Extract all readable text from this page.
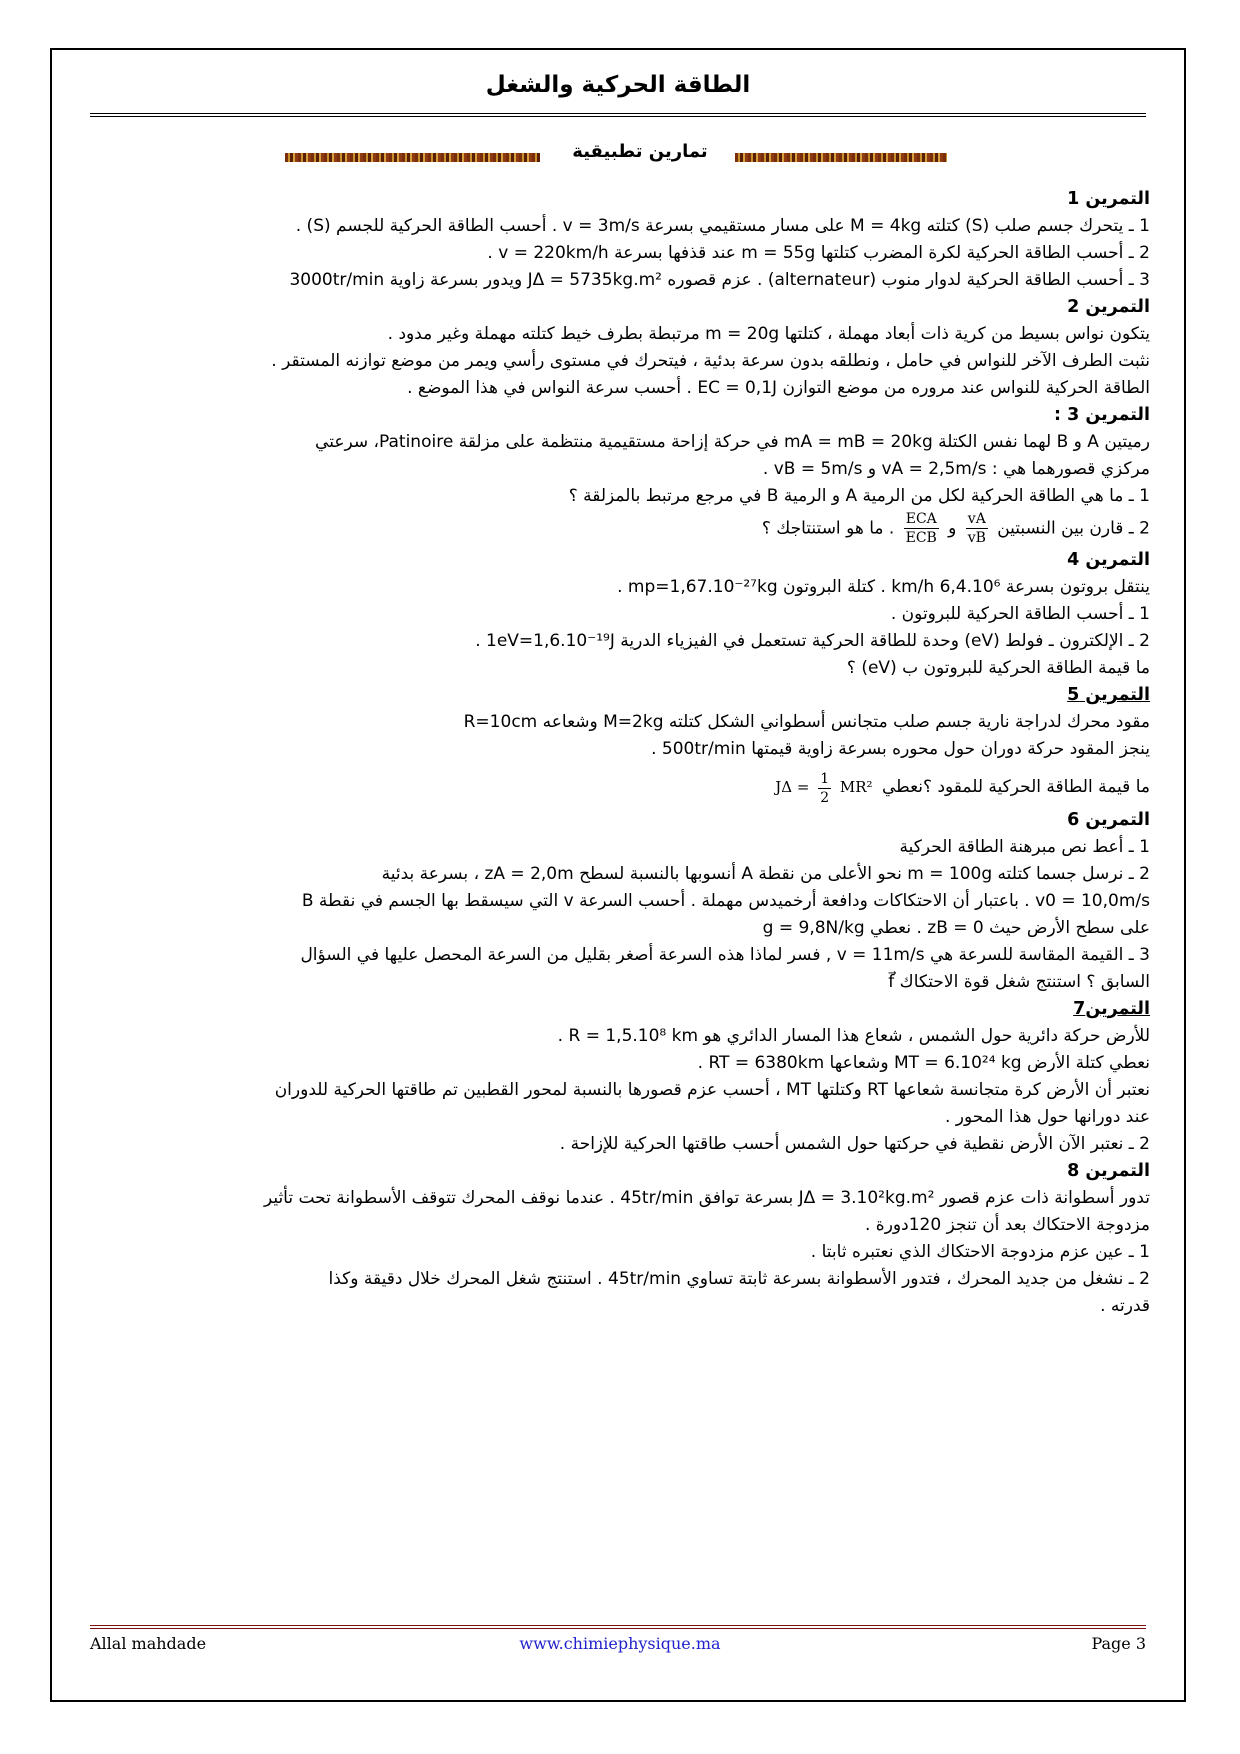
الطاقة الحركية والشغل
تمارين تطبيقية
التمرين 1
1 ـ يتحرك جسم صلب (S) كتلته M = 4kg على مسار مستقيمي بسرعة v = 3m/s . أحسب الطاقة الحركية للجسم (S) .
2 ـ أحسب الطاقة الحركية لكرة المضرب كتلتها m = 55g عند قذفها بسرعة v = 220km/h .
3 ـ أحسب الطاقة الحركية لدوار منوب (alternateur) . عزم قصوره JΔ = 5735kg.m² ويدور بسرعة زاوية 3000tr/min
التمرين 2
يتكون نواس بسيط من كرية ذات أبعاد مهملة ، كتلتها m = 20g مرتبطة بطرف خيط كتلته مهملة وغير مدود .
نثبت الطرف الآخر للنواس في حامل ، ونطلقه بدون سرعة بدئية ، فيتحرك في مستوى رأسي ويمر من موضع توازنه المستقر .
الطاقة الحركية للنواس عند مروره من موضع التوازن EC = 0,1J . أحسب سرعة النواس في هذا الموضع .
التمرين 3 :
رميتين A و B لهما نفس الكتلة mA = mB = 20kg في حركة إزاحة مستقيمية منتظمة على مزلقة Patinoire، سرعتي
مركزي قصورهما هي : vA = 2,5m/s و vB = 5m/s .
1 ـ ما هي الطاقة الحركية لكل من الرمية A و الرمية B في مرجع مرتبط بالمزلقة ؟
2 ـ قارن بين النسبتين
$\frac{vA}{vB}$
و
$\frac{\text{ECA}}{\text{ECB}}$
. ما هو استنتاجك ؟
التمرين 4
ينتقل بروتون بسرعة 6,4.10⁶ km/h . كتلة البروتون mp=1,67.10⁻²⁷kg .
1 ـ أحسب الطاقة الحركية للبروتون .
2 ـ الإلكترون ـ فولط (eV) وحدة للطاقة الحركية تستعمل في الفيزياء الدرية 1eV=1,6.10⁻¹⁹J .
ما قيمة الطاقة الحركية للبروتون ب (eV) ؟
التمرين 5
مقود محرك لدراجة نارية جسم صلب متجانس أسطواني الشكل كتلته M=2kg وشعاعه R=10cm
ينجز المقود حركة دوران حول محوره بسرعة زاوية قيمتها 500tr/min .
ما قيمة الطاقة الحركية للمقود ؟نعطي $J\Delta = \frac{1}{2} MR^2$
التمرين 6
1 ـ أعط نص مبرهنة الطاقة الحركية
2 ـ نرسل جسما كتلته m = 100g نحو الأعلى من نقطة A أنسوبها بالنسبة لسطح zA = 2,0m ، بسرعة بدئية
v0 = 10,0m/s . باعتبار أن الاحتكاكات ودافعة أرخميدس مهملة . أحسب السرعة v التي سيسقط بها الجسم في نقطة B
على سطح الأرض حيث zB = 0 . نعطي g = 9,8N/kg
3 ـ القيمة المقاسة للسرعة هي v = 11m/s , فسر لماذا هذه السرعة أصغر بقليل من السرعة المحصل عليها في السؤال
السابق ؟ استنتج شغل قوة الاحتكاك f⃗
التمرين7
للأرض حركة دائرية حول الشمس ، شعاع هذا المسار الدائري هو R = 1,5.10⁸ km .
نعطي كتلة الأرض MT = 6.10²⁴ kg وشعاعها RT = 6380km .
نعتبر أن الأرض كرة متجانسة شعاعها RT وكتلتها MT ، أحسب عزم قصورها بالنسبة لمحور القطبين تم طاقتها الحركية للدوران
عند دورانها حول هذا المحور .
2 ـ نعتبر الآن الأرض نقطية في حركتها حول الشمس أحسب طاقتها الحركية للإزاحة .
التمرين 8
تدور أسطوانة ذات عزم قصور JΔ = 3.10²kg.m² بسرعة توافق 45tr/min . عندما نوقف المحرك تتوقف الأسطوانة تحت تأثير
مزدوجة الاحتكاك بعد أن تنجز 120دورة .
1 ـ عين عزم مزدوجة الاحتكاك الذي نعتبره ثابتا .
2 ـ نشغل من جديد المحرك ، فتدور الأسطوانة بسرعة ثابتة تساوي 45tr/min . استنتج شغل المحرك خلال دقيقة وكذا
قدرته .
Allal mahdade	www.chimiephysique.ma	Page 3
